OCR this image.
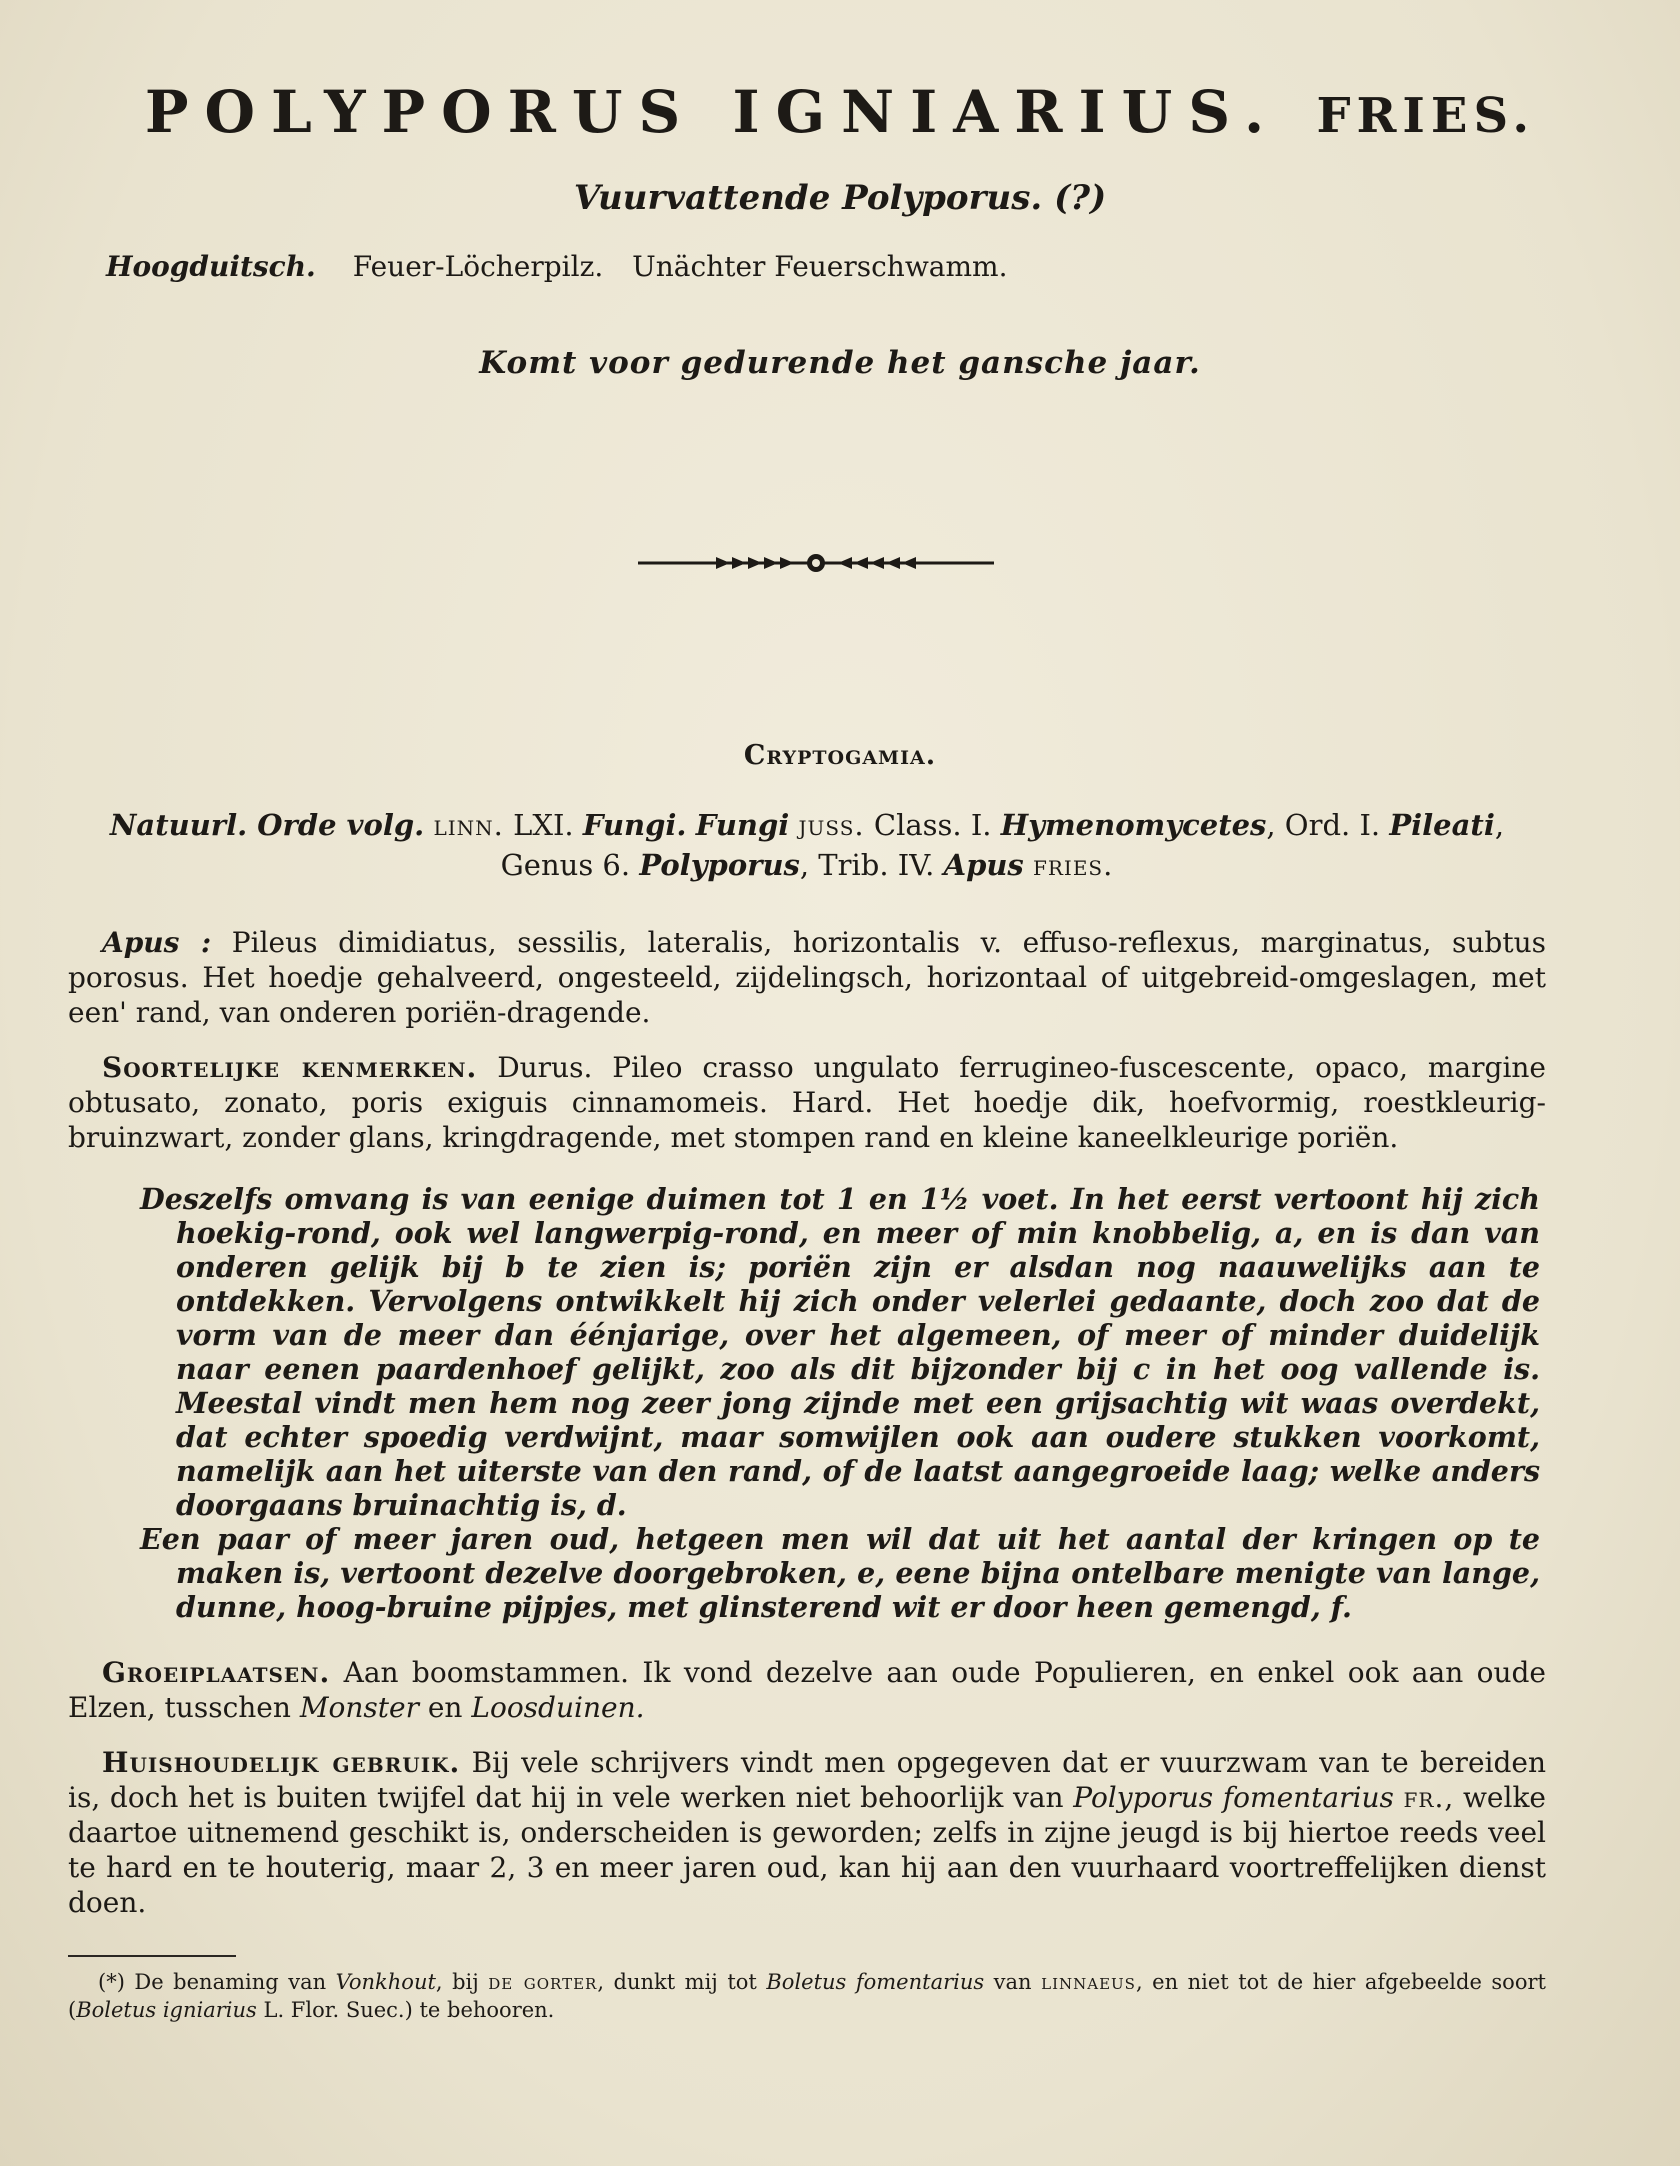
POLYPORUS IGNIARIUS. FRIES.
Vuurvattende Polyporus. (?)
Hoogduitsch. Feuer-Löcherpilz. Unächter Feuerschwamm.
Komt voor gedurende het gansche jaar.
Cryptogamia.
Natuurl. Orde volg. linn. LXI. Fungi. Fungi juss. Class. I. Hymenomycetes, Ord. I. Pileati,
Genus 6. Polyporus, Trib. IV. Apus fries.
Apus : Pileus dimidiatus, sessilis, lateralis, horizontalis v. effuso-reflexus, marginatus, subtus porosus. Het hoedje gehalveerd, ongesteeld, zijdelingsch, horizontaal of uitgebreid-omgeslagen, met een' rand, van onderen poriën-dragende.
Soortelijke kenmerken. Durus. Pileo crasso ungulato ferrugineo-fuscescente, opaco, margine obtusato, zonato, poris exiguis cinnamomeis. Hard. Het hoedje dik, hoefvormig, roestkleurig-bruinzwart, zonder glans, kringdragende, met stompen rand en kleine kaneelkleurige poriën.

Deszelfs omvang is van eenige duimen tot 1 en 1½ voet. In het eerst vertoont hij zich hoekig-rond, ook wel langwerpig-rond, en meer of min knobbelig, a, en is dan van onderen gelijk bij b te zien is; poriën zijn er alsdan nog naauwelijks aan te ontdekken. Vervolgens ontwikkelt hij zich onder velerlei gedaante, doch zoo dat de vorm van de meer dan éénjarige, over het algemeen, of meer of minder duidelijk naar eenen paardenhoef gelijkt, zoo als dit bijzonder bij c in het oog vallende is. Meestal vindt men hem nog zeer jong zijnde met een grijsachtig wit waas overdekt, dat echter spoedig verdwijnt, maar somwijlen ook aan oudere stukken voorkomt, namelijk aan het uiterste van den rand, of de laatst aangegroeide laag; welke anders doorgaans bruinachtig is, d.

Een paar of meer jaren oud, hetgeen men wil dat uit het aantal der kringen op te maken is, vertoont dezelve doorgebroken, e, eene bijna ontelbare menigte van lange, dunne, hoog-bruine pijpjes, met glinsterend wit er door heen gemengd, f.

Groeiplaatsen. Aan boomstammen. Ik vond dezelve aan oude Populieren, en enkel ook aan oude Elzen, tusschen Monster en Loosduinen.
Huishoudelijk gebruik. Bij vele schrijvers vindt men opgegeven dat er vuurzwam van te bereiden is, doch het is buiten twijfel dat hij in vele werken niet behoorlijk van Polyporus fomentarius fr., welke daartoe uitnemend geschikt is, onderscheiden is geworden; zelfs in zijne jeugd is bij hiertoe reeds veel te hard en te houterig, maar 2, 3 en meer jaren oud, kan hij aan den vuurhaard voortreffelijken dienst doen.
(*) De benaming van Vonkhout, bij de gorter, dunkt mij tot Boletus fomentarius van linnaeus, en niet tot de hier afgebeelde soort (Boletus igniarius L. Flor. Suec.) te behooren.
